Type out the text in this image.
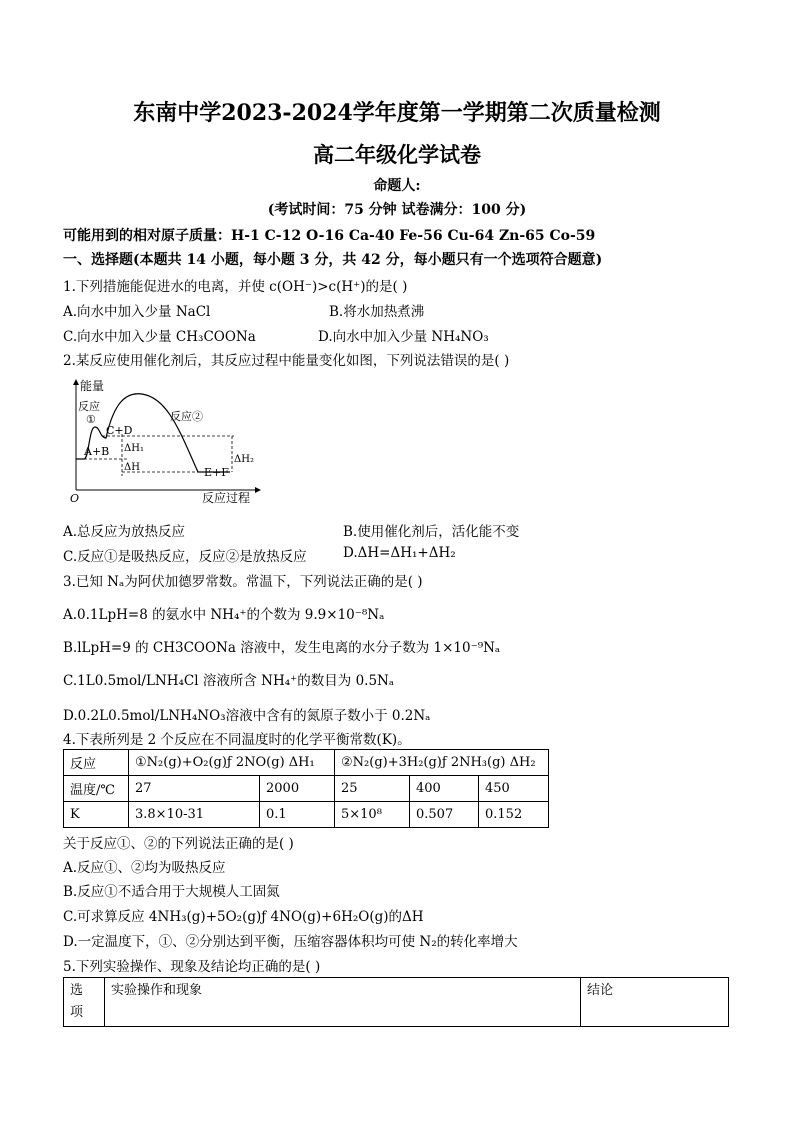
东南中学2023-2024学年度第一学期第二次质量检测
高二年级化学试卷
命题人:
(考试时间：75 分钟 试卷满分：100 分)
可能用到的相对原子质量：H-1 C-12 O-16 Ca-40 Fe-56 Cu-64 Zn-65 Co-59
一、选择题(本题共 14 小题，每小题 3 分，共 42 分，每小题只有一个选项符合题意)
1.下列措施能促进水的电离，并使 c(OH⁻)>c(H⁺)的是( )
A.向水中加入少量 NaCl	B.将水加热煮沸
C.向水中加入少量 CH₃COONa	D.向水中加入少量 NH₄NO₃
2.某反应使用催化剂后，其反应过程中能量变化如图，下列说法错误的是( )
能量
反应过程
O
反应
①	反应②
C+D
A+B
E+F
ΔH₁
ΔH
ΔH₂
A.总反应为放热反应	B.使用催化剂后，活化能不变
C.反应①是吸热反应，反应②是放热反应	D.ΔH=ΔH₁+ΔH₂
3.已知 Nₐ为阿伏加德罗常数。常温下，下列说法正确的是( )
A.0.1LpH=8 的氨水中 NH₄⁺的个数为 9.9×10⁻⁸Nₐ
B.lLpH=9 的 CH3COONa 溶液中，发生电离的水分子数为 1×10⁻⁹Nₐ
C.1L0.5mol/LNH₄Cl 溶液所含 NH₄⁺的数目为 0.5Nₐ
D.0.2L0.5mol/LNH₄NO₃溶液中含有的氮原子数小于 0.2Nₐ
4.下表所列是 2 个反应在不同温度时的化学平衡常数(K)。
反应	①N₂(g)+O₂(g)ƒ 2NO(g) ΔH₁		②N₂(g)+3H₂(g)ƒ 2NH₃(g) ΔH₂		
温度/℃	27	2000	25	400	450
K	3.8×10-31	0.1	5×10⁸	0.507	0.152
关于反应①、②的下列说法正确的是( )
A.反应①、②均为吸热反应
B.反应①不适合用于大规模人工固氮
C.可求算反应 4NH₃(g)+5O₂(g)ƒ 4NO(g)+6H₂O(g)的ΔH
D.一定温度下，①、②分别达到平衡，压缩容器体积均可使 N₂的转化率增大
5.下列实验操作、现象及结论均正确的是( )
选
项	实验操作和现象	结论
